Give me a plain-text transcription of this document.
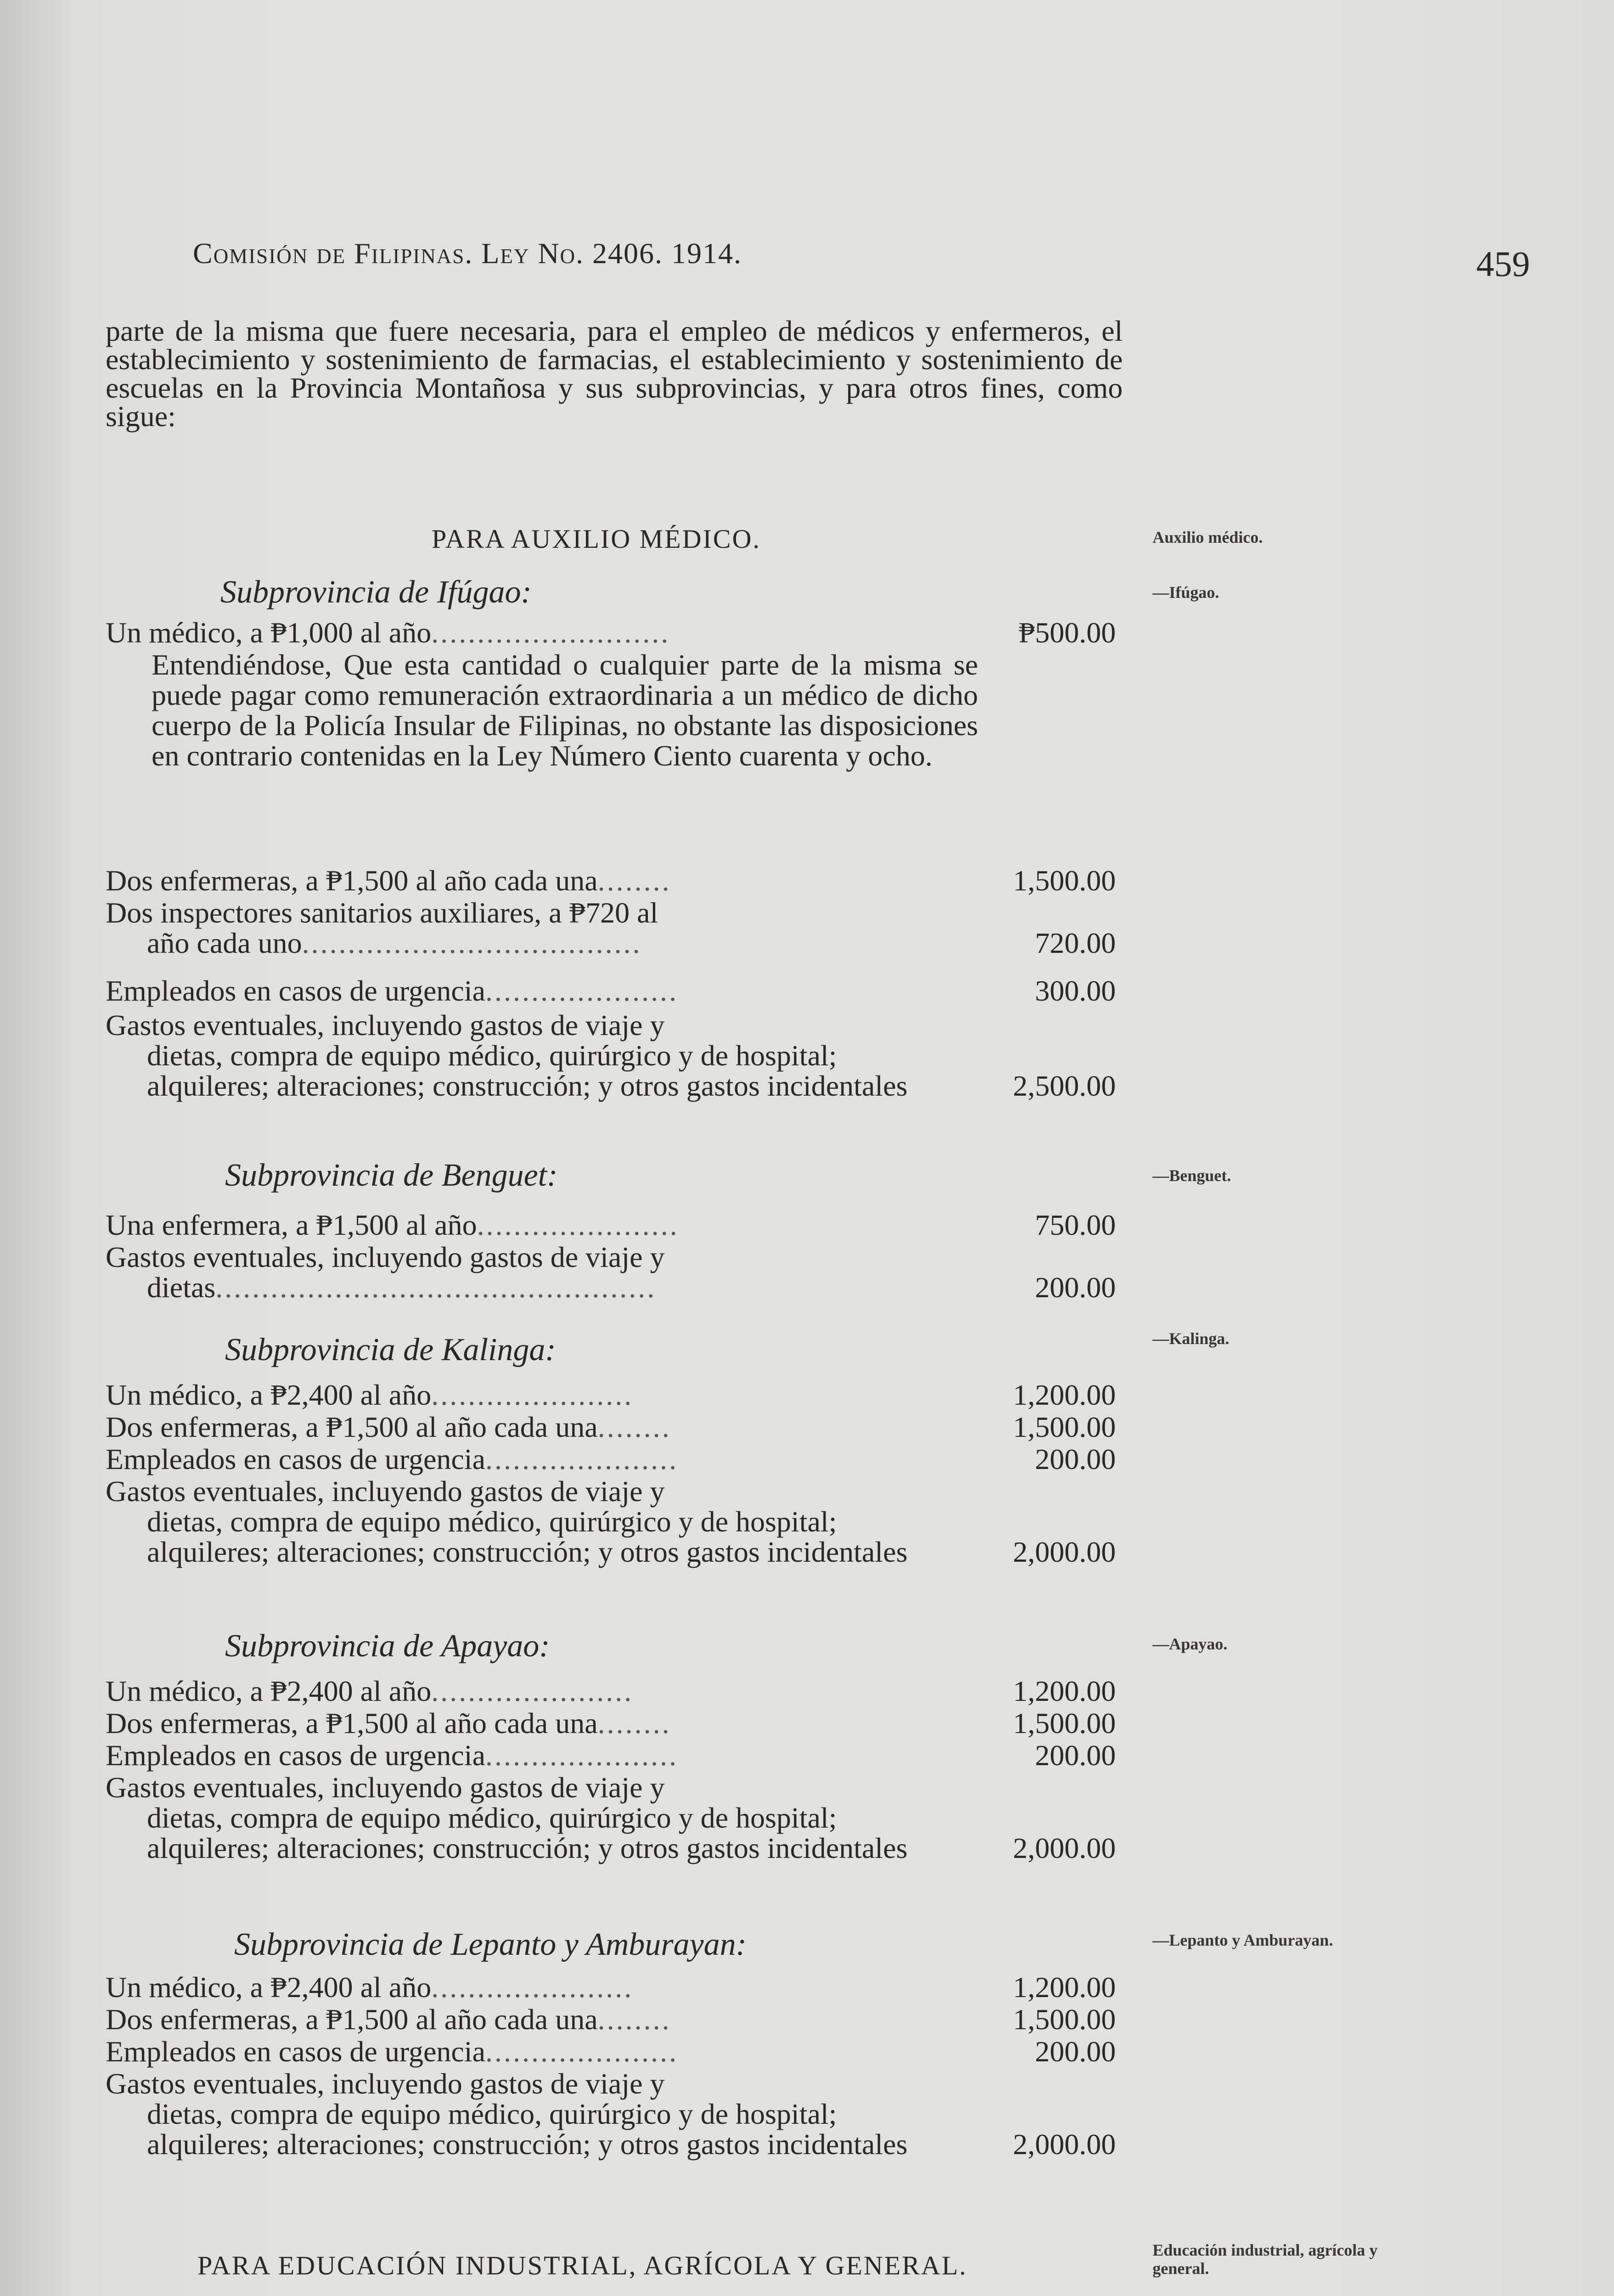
Comisión de Filipinas. Ley No. 2406. 1914.	459

parte de la misma que fuere necesaria, para el empleo de médicos y enfermeros, el establecimiento y sostenimiento de farmacias, el establecimiento y sostenimiento de escuelas en la Provincia Montañosa y sus subprovincias, y para otros fines, como sigue:

Auxilio médico.
—Ifúgao.
—Benguet.
—Kalinga.
—Apayao.
—Lepanto y Amburayan.
Educación industrial, agrícola y general.
PARA AUXILIO MÉDICO.
Subprovincia de Ifúgao:
Un médico, a ₱1,000 al año..........................	₱500.00
Entendiéndose, Que esta cantidad o cualquier parte de la misma se puede pagar como remuneración extraordinaria a un médico de dicho cuerpo de la Policía Insular de Filipinas, no obstante las disposiciones en contrario contenidas en la Ley Número Ciento cuarenta y ocho.
Dos enfermeras, a ₱1,500 al año cada una........	1,500.00
Dos inspectores sanitarios auxiliares, a ₱720 al
año cada uno.....................................	720.00
Empleados en casos de urgencia.....................	300.00
Gastos eventuales, incluyendo gastos de viaje y
dietas, compra de equipo médico, quirúrgico y de hospital; alquileres; alteraciones; construcción; y otros gastos incidentales	2,500.00
Subprovincia de Benguet:
Una enfermera, a ₱1,500 al año......................	750.00
Gastos eventuales, incluyendo gastos de viaje y
dietas................................................	200.00
Subprovincia de Kalinga:
Un médico, a ₱2,400 al año......................	1,200.00
Dos enfermeras, a ₱1,500 al año cada una........	1,500.00
Empleados en casos de urgencia.....................	200.00
Gastos eventuales, incluyendo gastos de viaje y
dietas, compra de equipo médico, quirúrgico y de hospital; alquileres; alteraciones; construcción; y otros gastos incidentales	2,000.00
Subprovincia de Apayao:
Un médico, a ₱2,400 al año......................	1,200.00
Dos enfermeras, a ₱1,500 al año cada una........	1,500.00
Empleados en casos de urgencia.....................	200.00
Gastos eventuales, incluyendo gastos de viaje y
dietas, compra de equipo médico, quirúrgico y de hospital; alquileres; alteraciones; construcción; y otros gastos incidentales	2,000.00
Subprovincia de Lepanto y Amburayan:
Un médico, a ₱2,400 al año......................	1,200.00
Dos enfermeras, a ₱1,500 al año cada una........	1,500.00
Empleados en casos de urgencia.....................	200.00
Gastos eventuales, incluyendo gastos de viaje y
dietas, compra de equipo médico, quirúrgico y de hospital; alquileres; alteraciones; construcción; y otros gastos incidentales	2,000.00
PARA EDUCACIÓN INDUSTRIAL, AGRÍCOLA Y GENERAL.
